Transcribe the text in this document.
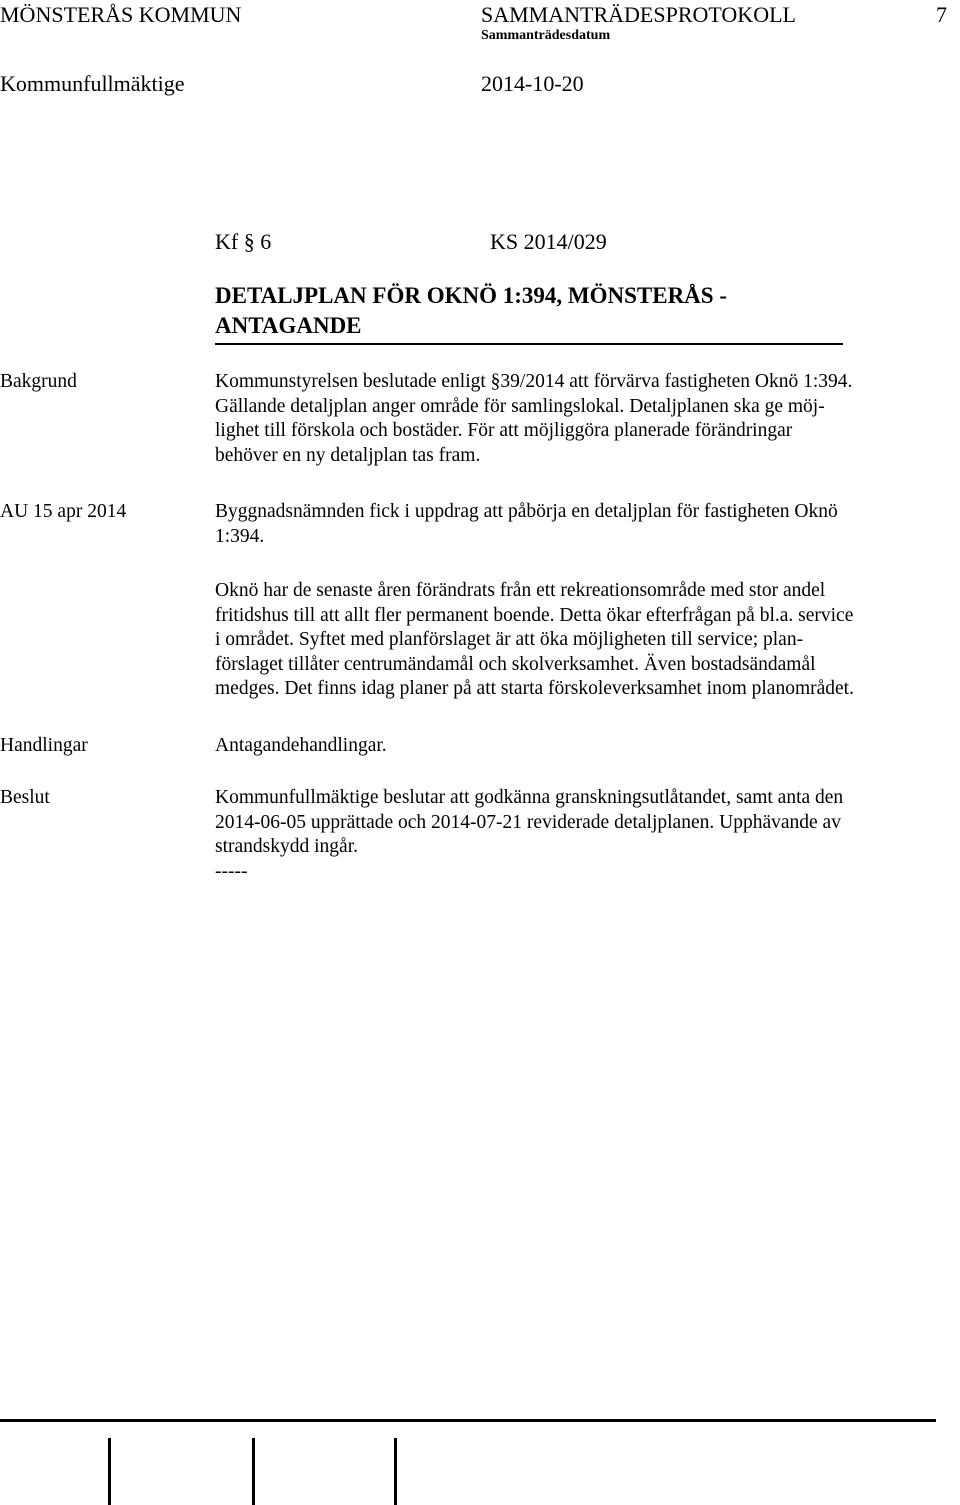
MÖNSTERÅS KOMMUN	SAMMANTRÄDESPROTOKOLL	7
Sammanträdesdatum
Kommunfullmäktige	2014-10-20
Kf § 6	KS 2014/029
DETALJPLAN FÖR OKNÖ 1:394, MÖNSTERÅS -
ANTAGANDE
Bakgrund	Kommunstyrelsen beslutade enligt §39/2014 att förvärva fastigheten Oknö 1:394.
Gällande detaljplan anger område för samlingslokal. Detaljplanen ska ge möj-
lighet till förskola och bostäder. För att möjliggöra planerade förändringar
behöver en ny detaljplan tas fram.
AU 15 apr 2014	Byggnadsnämnden fick i uppdrag att påbörja en detaljplan för fastigheten Oknö
1:394.
Oknö har de senaste åren förändrats från ett rekreationsområde med stor andel
fritidshus till att allt fler permanent boende. Detta ökar efterfrågan på bl.a. service
i området. Syftet med planförslaget är att öka möjligheten till service; plan-
förslaget tillåter centrumändamål och skolverksamhet. Även bostadsändamål
medges. Det finns idag planer på att starta förskoleverksamhet inom planområdet.
Handlingar	Antagandehandlingar.
Beslut	Kommunfullmäktige beslutar att godkänna granskningsutlåtandet, samt anta den
2014-06-05 upprättade och 2014-07-21 reviderade detaljplanen. Upphävande av
strandskydd ingår.
-----
